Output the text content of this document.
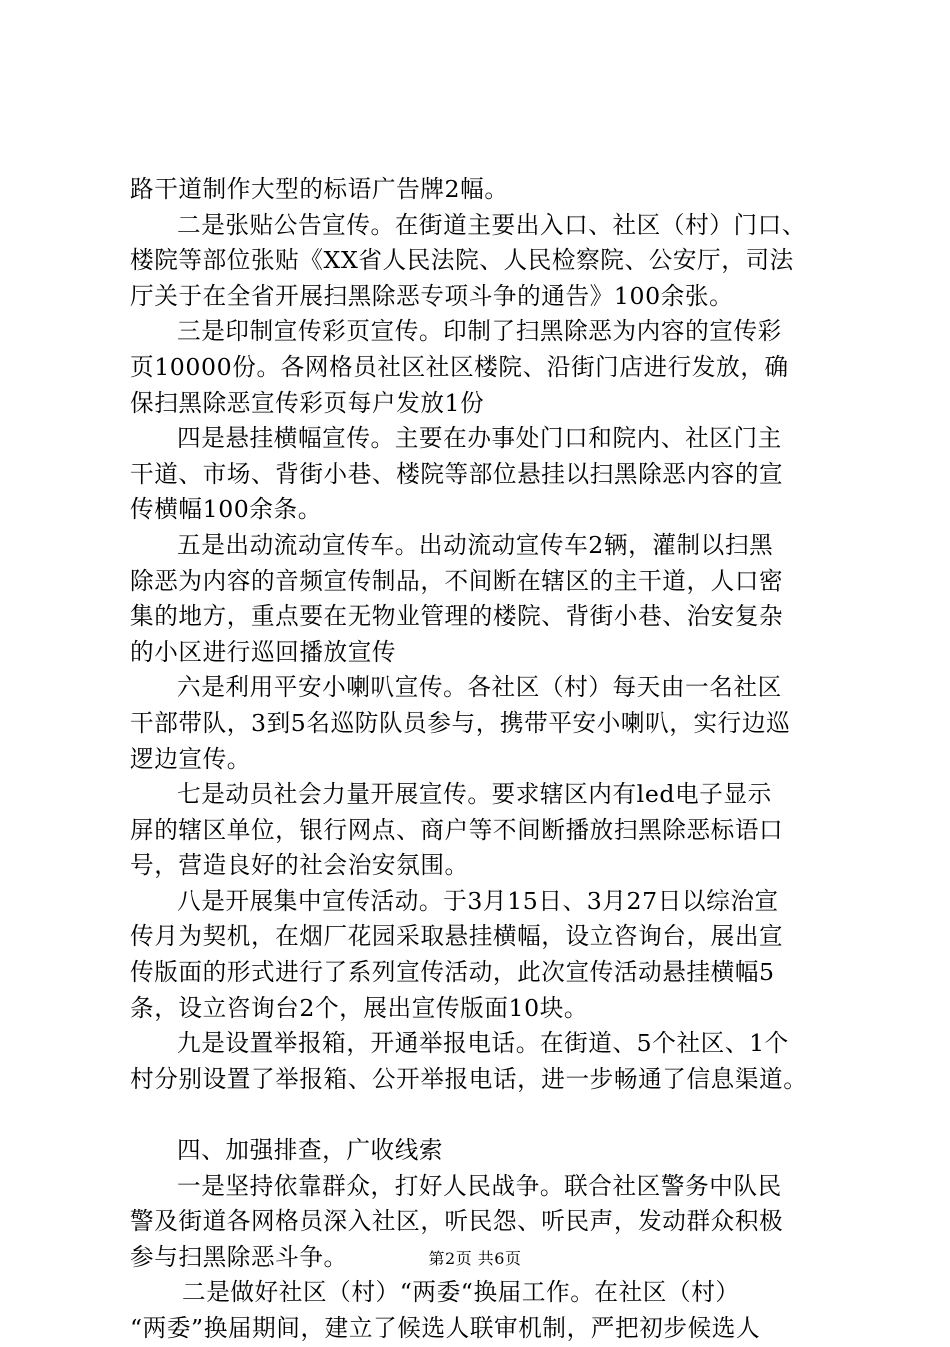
路干道制作大型的标语广告牌2幅。

二是张贴公告宣传。在街道主要出入口、社区（村）门口、

楼院等部位张贴《XX省人民法院、人民检察院、公安厅，司法

厅关于在全省开展扫黑除恶专项斗争的通告》100余张。

三是印制宣传彩页宣传。印制了扫黑除恶为内容的宣传彩

页10000份。各网格员社区社区楼院、沿街门店进行发放，确

保扫黑除恶宣传彩页每户发放1份

四是悬挂横幅宣传。主要在办事处门口和院内、社区门主

干道、市场、背街小巷、楼院等部位悬挂以扫黑除恶内容的宣

传横幅100余条。

五是出动流动宣传车。出动流动宣传车2辆，灌制以扫黑

除恶为内容的音频宣传制品，不间断在辖区的主干道，人口密

集的地方，重点要在无物业管理的楼院、背街小巷、治安复杂

的小区进行巡回播放宣传

六是利用平安小喇叭宣传。各社区（村）每天由一名社区

干部带队，3到5名巡防队员参与，携带平安小喇叭，实行边巡

逻边宣传。

七是动员社会力量开展宣传。要求辖区内有led电子显示

屏的辖区单位，银行网点、商户等不间断播放扫黑除恶标语口

号，营造良好的社会治安氛围。

八是开展集中宣传活动。于3月15日、3月27日以综治宣

传月为契机，在烟厂花园采取悬挂横幅，设立咨询台，展出宣

传版面的形式进行了系列宣传活动，此次宣传活动悬挂横幅5

条，设立咨询台2个，展出宣传版面10块。

九是设置举报箱，开通举报电话。在街道、5个社区、1个

村分别设置了举报箱、公开举报电话，进一步畅通了信息渠道。

四、加强排查，广收线索

一是坚持依靠群众，打好人民战争。联合社区警务中队民

警及街道各网格员深入社区，听民怨、听民声，发动群众积极

参与扫黑除恶斗争。

二是做好社区（村）“两委“换届工作。在社区（村）

“两委”换届期间，建立了候选人联审机制，严把初步候选人

第2页 共6页
